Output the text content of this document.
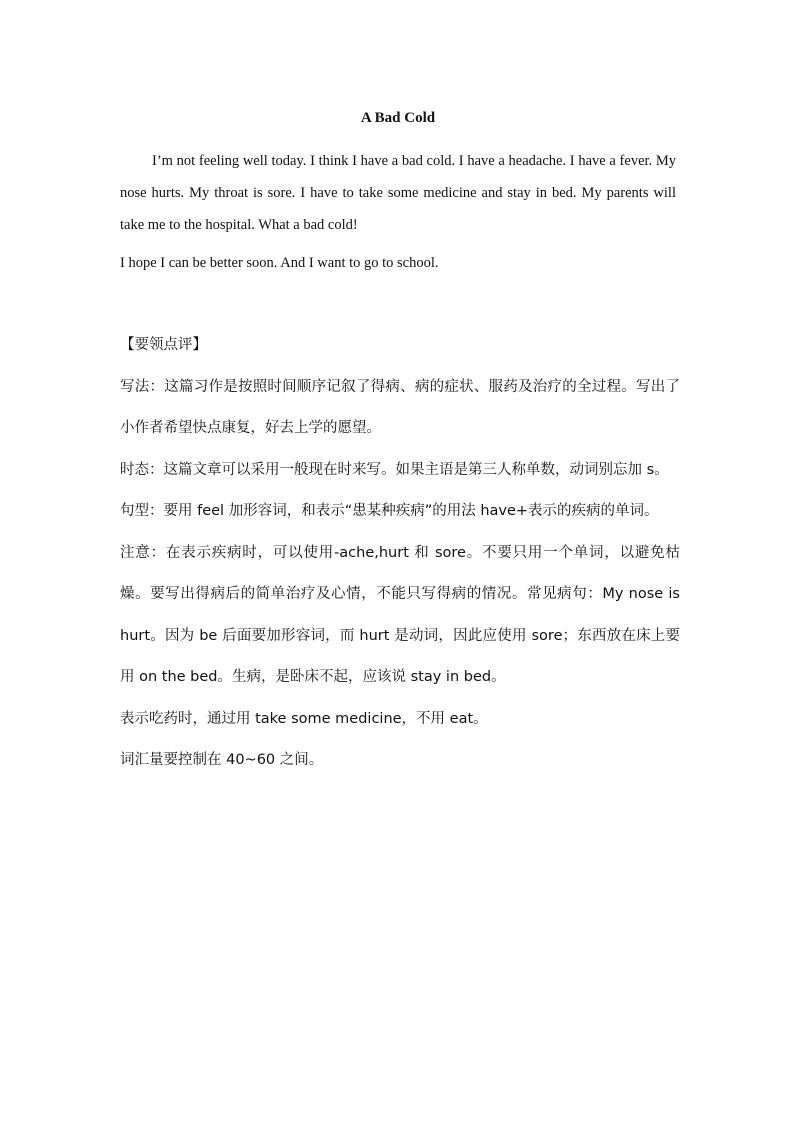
A Bad Cold

I’m not feeling well today. I think I have a bad cold. I have a headache. I have a fever. My nose hurts. My throat is sore. I have to take some medicine and stay in bed. My parents will take me to the hospital. What a bad cold!

I hope I can be better soon. And I want to go to school.

【要领点评】

写法：这篇习作是按照时间顺序记叙了得病、病的症状、服药及治疗的全过程。写出了小作者希望快点康复，好去上学的愿望。

时态：这篇文章可以采用一般现在时来写。如果主语是第三人称单数，动词别忘加 s。

句型：要用 feel 加形容词，和表示“患某种疾病”的用法 have+表示的疾病的单词。

注意：在表示疾病时，可以使用-ache,hurt 和 sore。不要只用一个单词，以避免枯燥。要写出得病后的简单治疗及心情，不能只写得病的情况。常见病句：My nose is hurt。因为 be 后面要加形容词，而 hurt 是动词，因此应使用 sore；东西放在床上要用 on the bed。生病，是卧床不起，应该说 stay in bed。

表示吃药时，通过用 take some medicine，不用 eat。

词汇量要控制在 40~60 之间。
